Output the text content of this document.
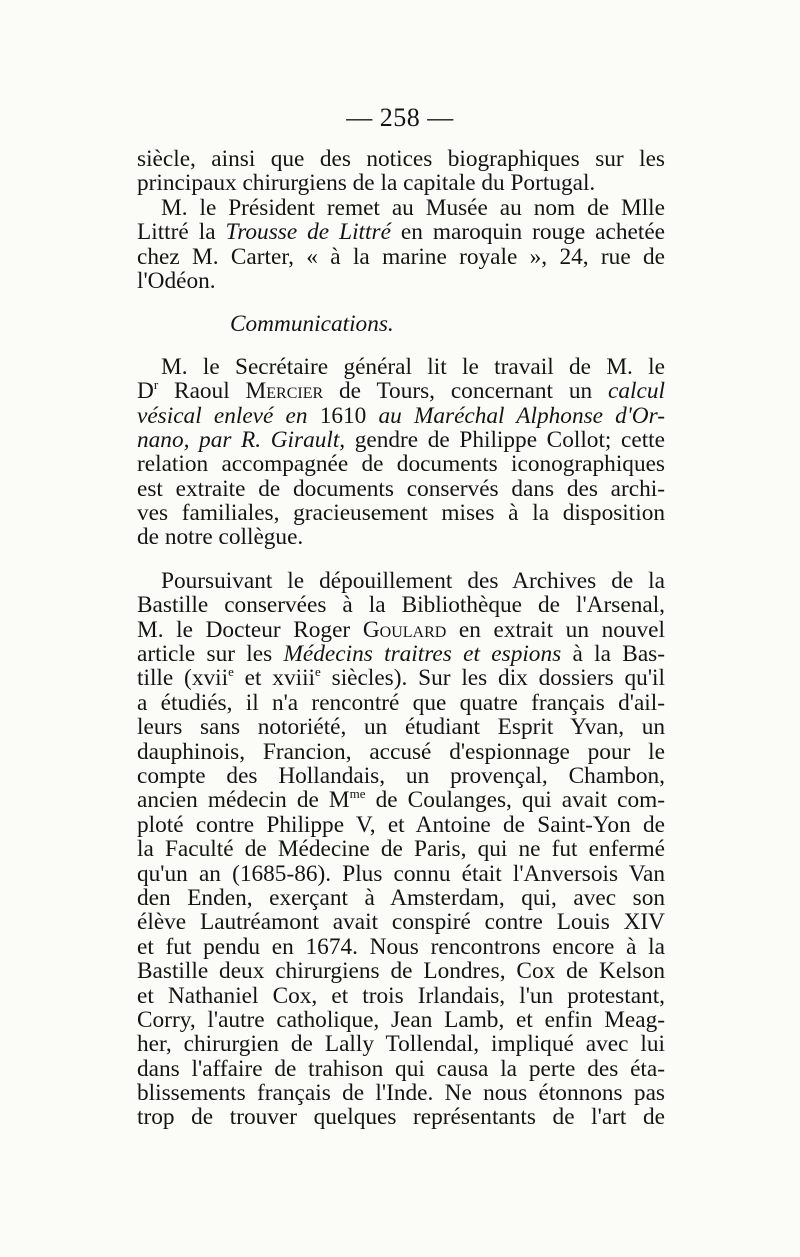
— 258 —
siècle, ainsi que des notices biographiques sur les
principaux chirurgiens de la capitale du Portugal.
M. le Président remet au Musée au nom de Mlle
Littré la Trousse de Littré en maroquin rouge achetée
chez M. Carter, « à la marine royale », 24, rue de
l'Odéon.
Communications.
M. le Secrétaire général lit le travail de M. le
$D^r$ Raoul Mercier de Tours, concernant un calcul
vésical enlevé en 1610 au Maréchal Alphonse d'Or-
nano, par R. Girault, gendre de Philippe Collot; cette
relation accompagnée de documents iconographiques
est extraite de documents conservés dans des archi-
ves familiales, gracieusement mises à la disposition
de notre collègue.
Poursuivant le dépouillement des Archives de la
Bastille conservées à la Bibliothèque de l'Arsenal,
M. le Docteur Roger Goulard en extrait un nouvel
article sur les Médecins traitres et espions à la Bas-
tille (xvii$^e$ et xviii$^e$ siècles). Sur les dix dossiers qu'il
a étudiés, il n'a rencontré que quatre français d'ail-
leurs sans notoriété, un étudiant Esprit Yvan, un
dauphinois, Francion, accusé d'espionnage pour le
compte des Hollandais, un provençal, Chambon,
ancien médecin de $M^{me}$ de Coulanges, qui avait com-
ploté contre Philippe V, et Antoine de Saint-Yon de
la Faculté de Médecine de Paris, qui ne fut enfermé
qu'un an (1685-86). Plus connu était l'Anversois Van
den Enden, exerçant à Amsterdam, qui, avec son
élève Lautréamont avait conspiré contre Louis XIV
et fut pendu en 1674. Nous rencontrons encore à la
Bastille deux chirurgiens de Londres, Cox de Kelson
et Nathaniel Cox, et trois Irlandais, l'un protestant,
Corry, l'autre catholique, Jean Lamb, et enfin Meag-
her, chirurgien de Lally Tollendal, impliqué avec lui
dans l'affaire de trahison qui causa la perte des éta-
blissements français de l'Inde. Ne nous étonnons pas
trop de trouver quelques représentants de l'art de
